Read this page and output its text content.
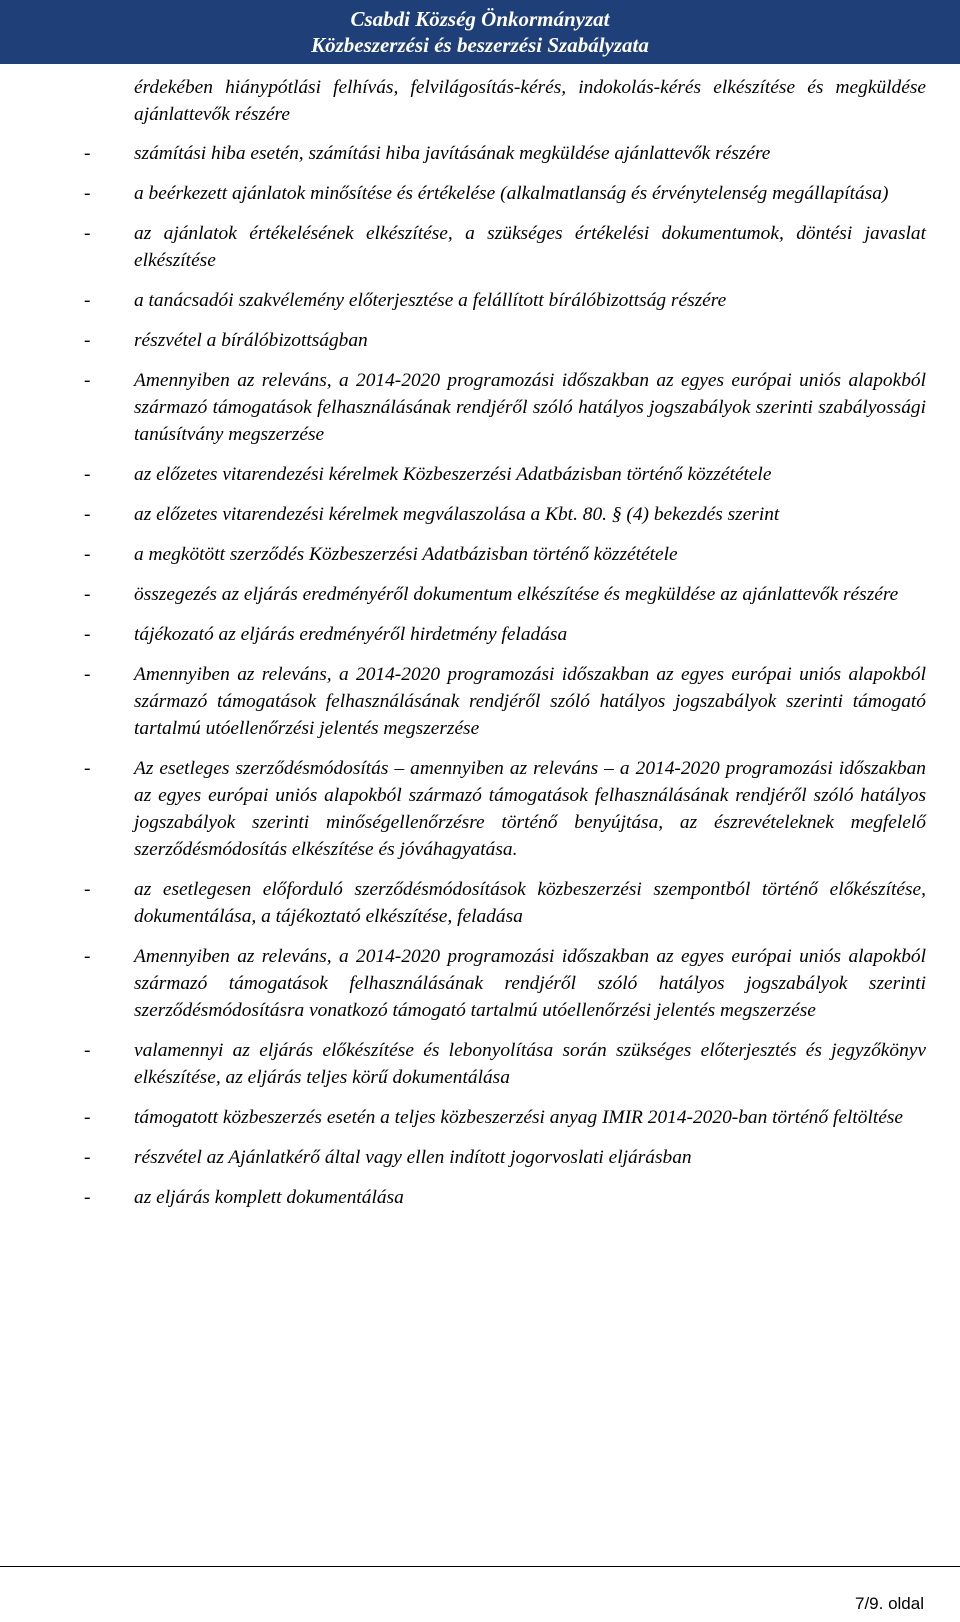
Csabdi Község Önkormányzat
Közbeszerzési és beszerzési Szabályzata
érdekében hiánypótlási felhívás, felvilágosítás-kérés, indokolás-kérés elkészítése és megküldése ajánlattevők részére
- számítási hiba esetén, számítási hiba javításának megküldése ajánlattevők részére
- a beérkezett ajánlatok minősítése és értékelése (alkalmatlanság és érvénytelenség megállapítása)
- az ajánlatok értékelésének elkészítése, a szükséges értékelési dokumentumok, döntési javaslat elkészítése
- a tanácsadói szakvélemény előterjesztése a felállított bírálóbizottság részére
- részvétel a bírálóbizottságban
- Amennyiben az releváns, a 2014-2020 programozási időszakban az egyes európai uniós alapokból származó támogatások felhasználásának rendjéről szóló hatályos jogszabályok szerinti szabályossági tanúsítvány megszerzése
- az előzetes vitarendezési kérelmek Közbeszerzési Adatbázisban történő közzététele
- az előzetes vitarendezési kérelmek megválaszolása a Kbt. 80. § (4) bekezdés szerint
- a megkötött szerződés Közbeszerzési Adatbázisban történő közzététele
- összegezés az eljárás eredményéről dokumentum elkészítése és megküldése az ajánlattevők részére
- tájékozató az eljárás eredményéről hirdetmény feladása
- Amennyiben az releváns, a 2014-2020 programozási időszakban az egyes európai uniós alapokból származó támogatások felhasználásának rendjéről szóló hatályos jogszabályok szerinti támogató tartalmú utóellenőrzési jelentés megszerzése
- Az esetleges szerződésmódosítás – amennyiben az releváns – a 2014-2020 programozási időszakban az egyes európai uniós alapokból származó támogatások felhasználásának rendjéről szóló hatályos jogszabályok szerinti minőségellenőrzésre történő benyújtása, az észrevételeknek megfelelő szerződésmódosítás elkészítése és jóváhagyatása.
- az esetlegesen előforduló szerződésmódosítások közbeszerzési szempontból történő előkészítése, dokumentálása, a tájékoztató elkészítése, feladása
- Amennyiben az releváns, a 2014-2020 programozási időszakban az egyes európai uniós alapokból származó támogatások felhasználásának rendjéről szóló hatályos jogszabályok szerinti szerződésmódosításra vonatkozó támogató tartalmú utóellenőrzési jelentés megszerzése
- valamennyi az eljárás előkészítése és lebonyolítása során szükséges előterjesztés és jegyzőkönyv elkészítése, az eljárás teljes körű dokumentálása
- támogatott közbeszerzés esetén a teljes közbeszerzési anyag IMIR 2014-2020-ban történő feltöltése
- részvétel az Ajánlatkérő által vagy ellen indított jogorvoslati eljárásban
- az eljárás komplett dokumentálása
7/9. oldal
